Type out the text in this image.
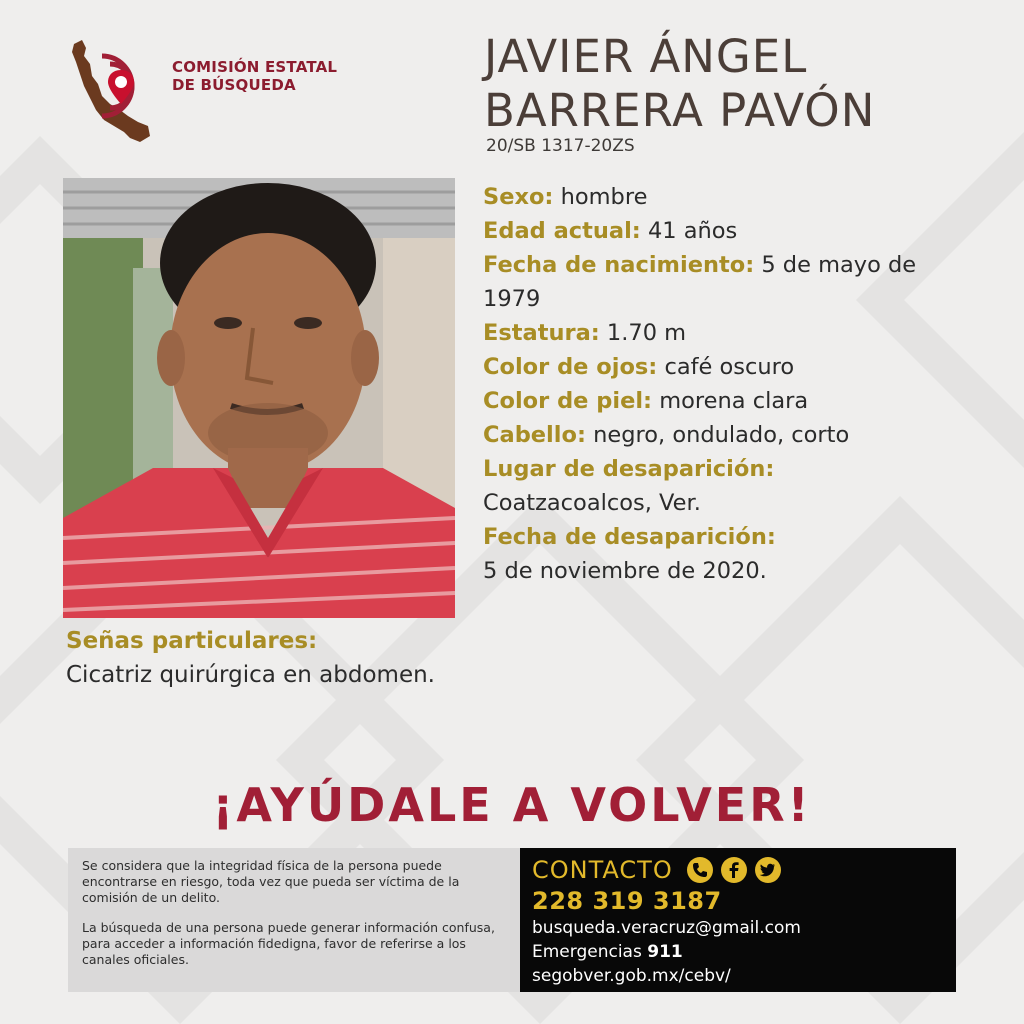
COMISIÓN ESTATAL
DE BÚSQUEDA
JAVIER ÁNGEL
BARRERA PAVÓN
20/SB 1317-20ZS

Sexo: hombre

Edad actual: 41 años

Fecha de nacimiento: 5 de mayo de 1979

Estatura: 1.70 m

Color de ojos: café oscuro

Color de piel: morena clara

Cabello: negro, ondulado, corto

Lugar de desaparición:
Coatzacoalcos, Ver.

Fecha de desaparición:
5 de noviembre de 2020.

Señas particulares:
Cicatriz quirúrgica en abdomen.
¡AYÚDALE A VOLVER!

Se considera que la integridad física de la persona puede encontrarse en riesgo, toda vez que pueda ser víctima de la comisión de un delito.

La búsqueda de una persona puede generar información confusa, para acceder a información fidedigna, favor de referirse a los canales oficiales.

CONTACTO
228 319 3187
busqueda.veracruz@gmail.com
Emergencias 911
segobver.gob.mx/cebv/
